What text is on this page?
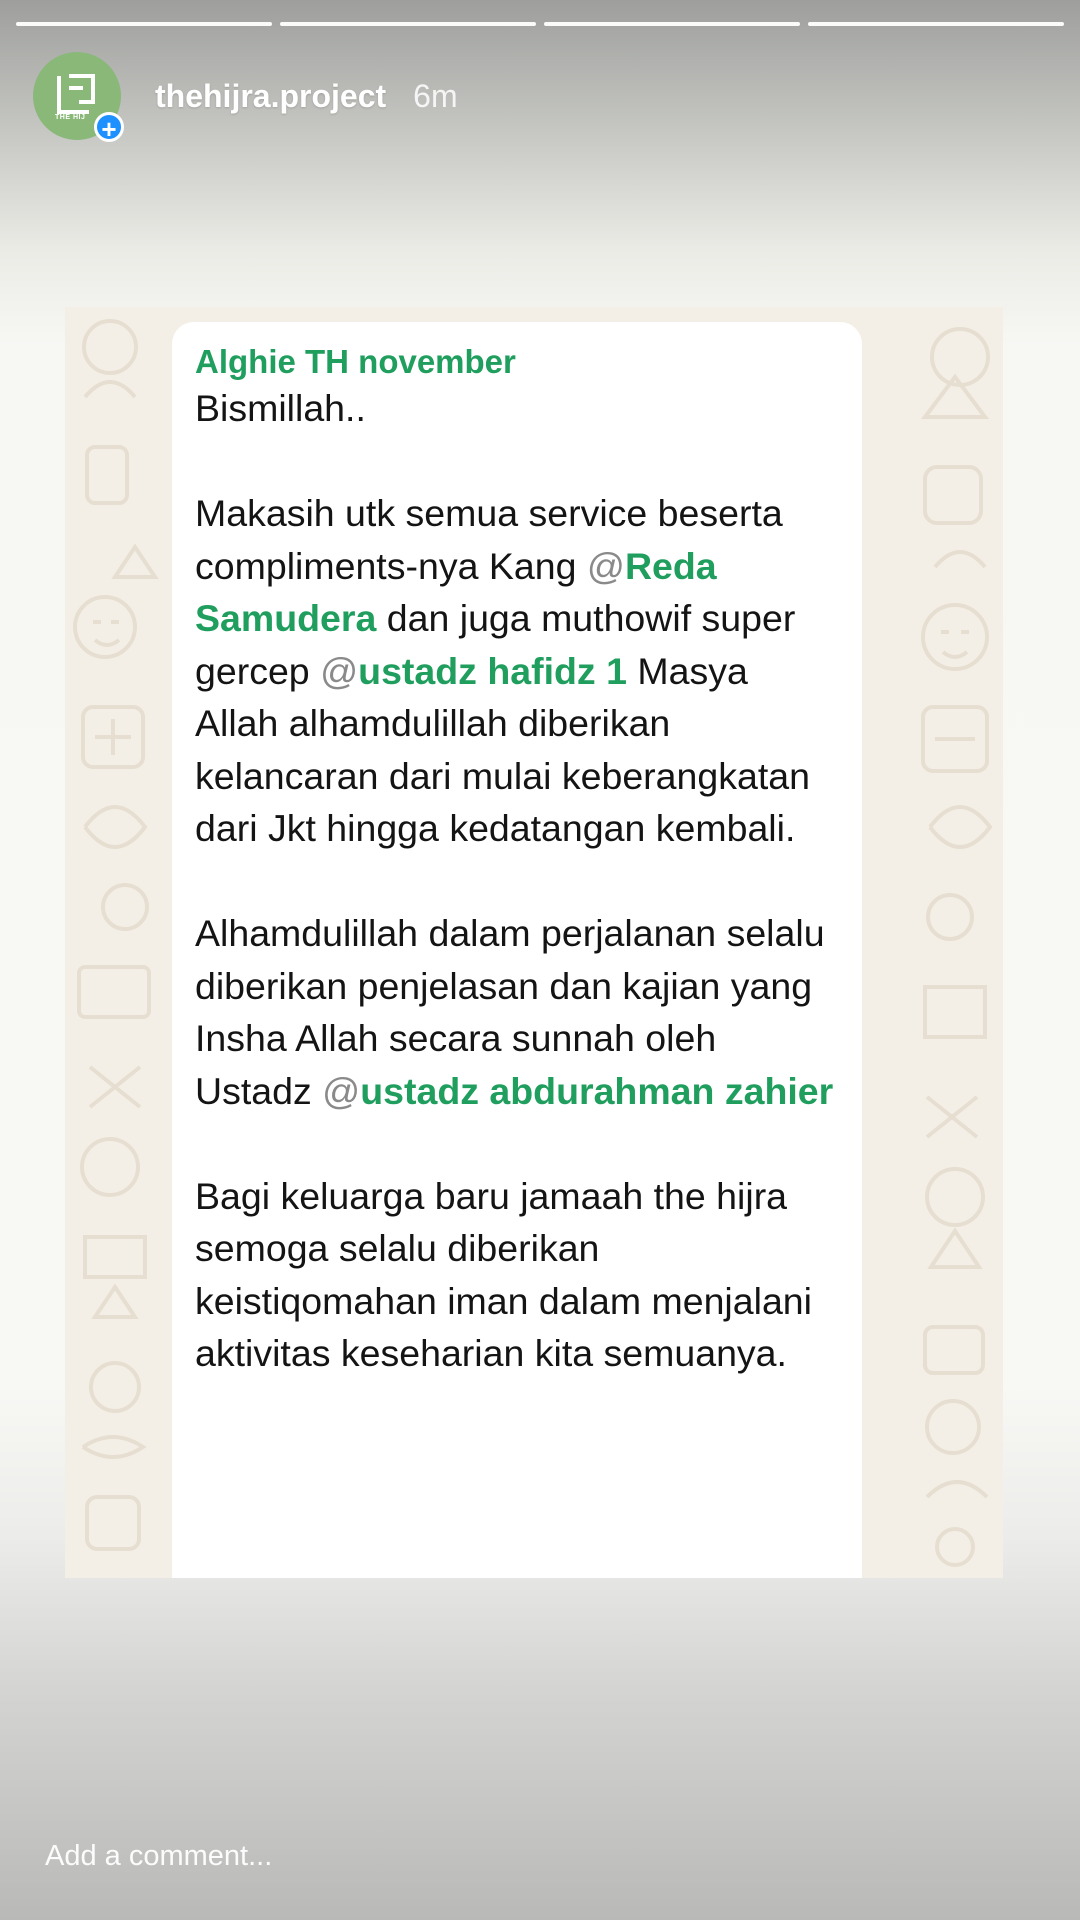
THE HIJ +
thehijra.project 6m
Alghie TH november

Bismillah..

Makasih utk semua service beserta compliments-nya Kang @Reda Samudera dan juga muthowif super gercep @ustadz hafidz 1 Masya Allah alhamdulillah diberikan kelancaran dari mulai keberangkatan dari Jkt hingga kedatangan kembali.

Alhamdulillah dalam perjalanan selalu diberikan penjelasan dan kajian yang Insha Allah secara sunnah oleh Ustadz @ustadz abdurahman zahier

Bagi keluarga baru jamaah the hijra semoga selalu diberikan keistiqomahan iman dalam menjalani aktivitas keseharian kita semuanya.

Add a comment...
